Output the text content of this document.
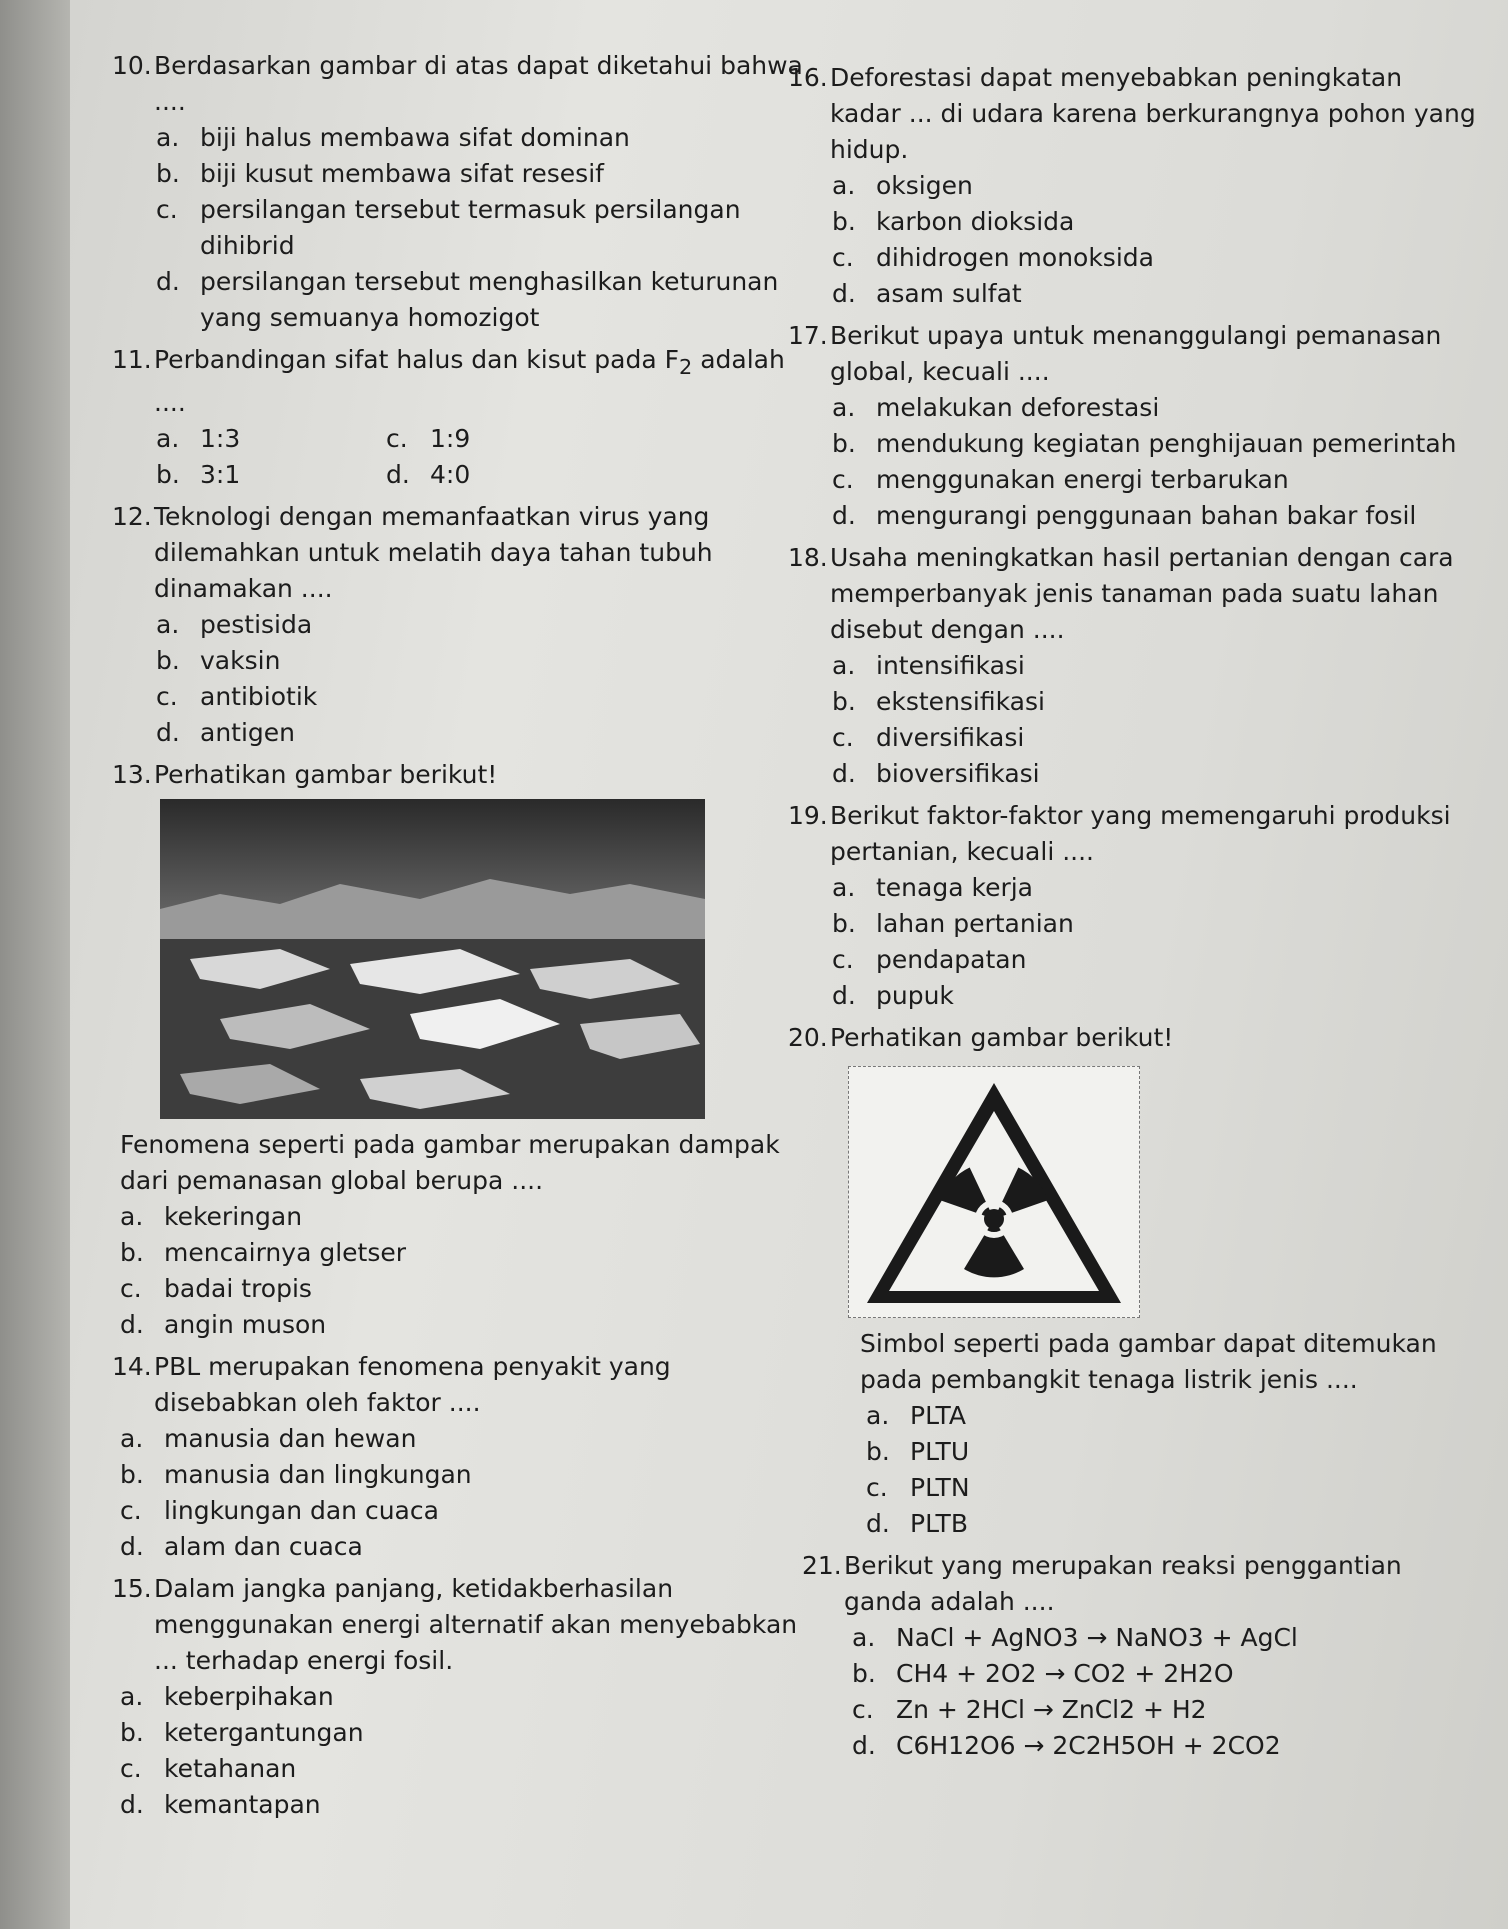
10. Berdasarkan gambar di atas dapat diketahui bahwa ....
a. biji halus membawa sifat dominan
b. biji kusut membawa sifat resesif
c. persilangan tersebut termasuk persilangan dihibrid
d. persilangan tersebut menghasilkan keturunan yang semuanya homozigot
11. Perbandingan sifat halus dan kisut pada $F_2$ adalah ....
a. 1:3	c. 1:9
b. 3:1	d. 4:0
12. Teknologi dengan memanfaatkan virus yang dilemahkan untuk melatih daya tahan tubuh dinamakan ....
a. pestisida
b. vaksin
c. antibiotik
d. antigen
13. Perhatikan gambar berikut!
Fenomena seperti pada gambar merupakan dampak dari pemanasan global berupa ....
a. kekeringan
b. mencairnya gletser
c. badai tropis
d. angin muson
14. PBL merupakan fenomena penyakit yang disebabkan oleh faktor ....
a. manusia dan hewan
b. manusia dan lingkungan
c. lingkungan dan cuaca
d. alam dan cuaca
15. Dalam jangka panjang, ketidakberhasilan menggunakan energi alternatif akan menyebabkan ... terhadap energi fosil.
a. keberpihakan
b. ketergantungan
c. ketahanan
d. kemantapan
16. Deforestasi dapat menyebabkan peningkatan kadar ... di udara karena berkurangnya pohon yang hidup.
a. oksigen
b. karbon dioksida
c. dihidrogen monoksida
d. asam sulfat
17. Berikut upaya untuk menanggulangi pemanasan global, kecuali ....
a. melakukan deforestasi
b. mendukung kegiatan penghijauan pemerintah
c. menggunakan energi terbarukan
d. mengurangi penggunaan bahan bakar fosil
18. Usaha meningkatkan hasil pertanian dengan cara memperbanyak jenis tanaman pada suatu lahan disebut dengan ....
a. intensifikasi
b. ekstensifikasi
c. diversifikasi
d. bioversifikasi
19. Berikut faktor-faktor yang memengaruhi produksi pertanian, kecuali ....
a. tenaga kerja
b. lahan pertanian
c. pendapatan
d. pupuk
20. Perhatikan gambar berikut!
Simbol seperti pada gambar dapat ditemukan pada pembangkit tenaga listrik jenis ....
a. PLTA
b. PLTU
c. PLTN
d. PLTB
21. Berikut yang merupakan reaksi penggantian ganda adalah ....
a. NaCl + AgNO3 → NaNO3 + AgCl
b. CH4 + 2O2 → CO2 + 2H2O
c. Zn + 2HCl → ZnCl2 + H2
d. C6H12O6 → 2C2H5OH + 2CO2
